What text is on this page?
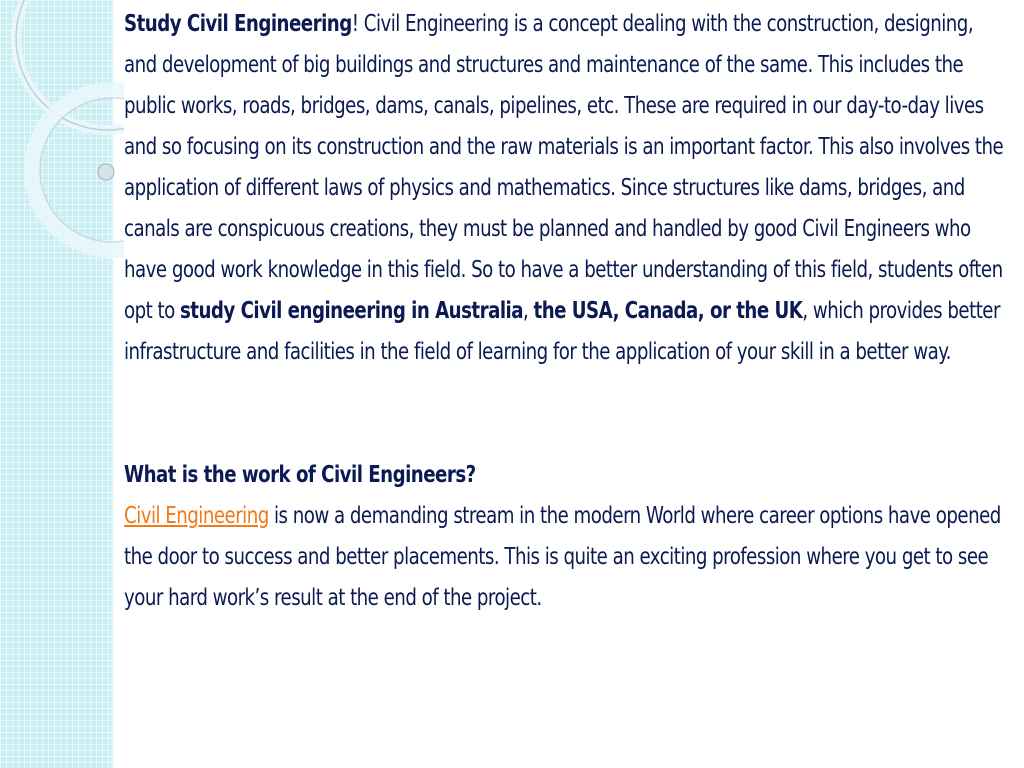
Study Civil Engineering! Civil Engineering is a concept dealing with the construction, designing, and development of big buildings and structures and maintenance of the same. This includes the public works, roads, bridges, dams, canals, pipelines, etc. These are required in our day-to-day lives and so focusing on its construction and the raw materials is an important factor. This also involves the application of different laws of physics and mathematics. Since structures like dams, bridges, and canals are conspicuous creations, they must be planned and handled by good Civil Engineers who have good work knowledge in this field. So to have a better understanding of this field, students often opt to study Civil engineering in Australia, the USA, Canada, or the UK, which provides better infrastructure and facilities in the field of learning for the application of your skill in a better way.

What is the work of Civil Engineers?

Civil Engineering is now a demanding stream in the modern World where career options have opened the door to success and better placements. This is quite an exciting profession where you get to see your hard work’s result at the end of the project.
